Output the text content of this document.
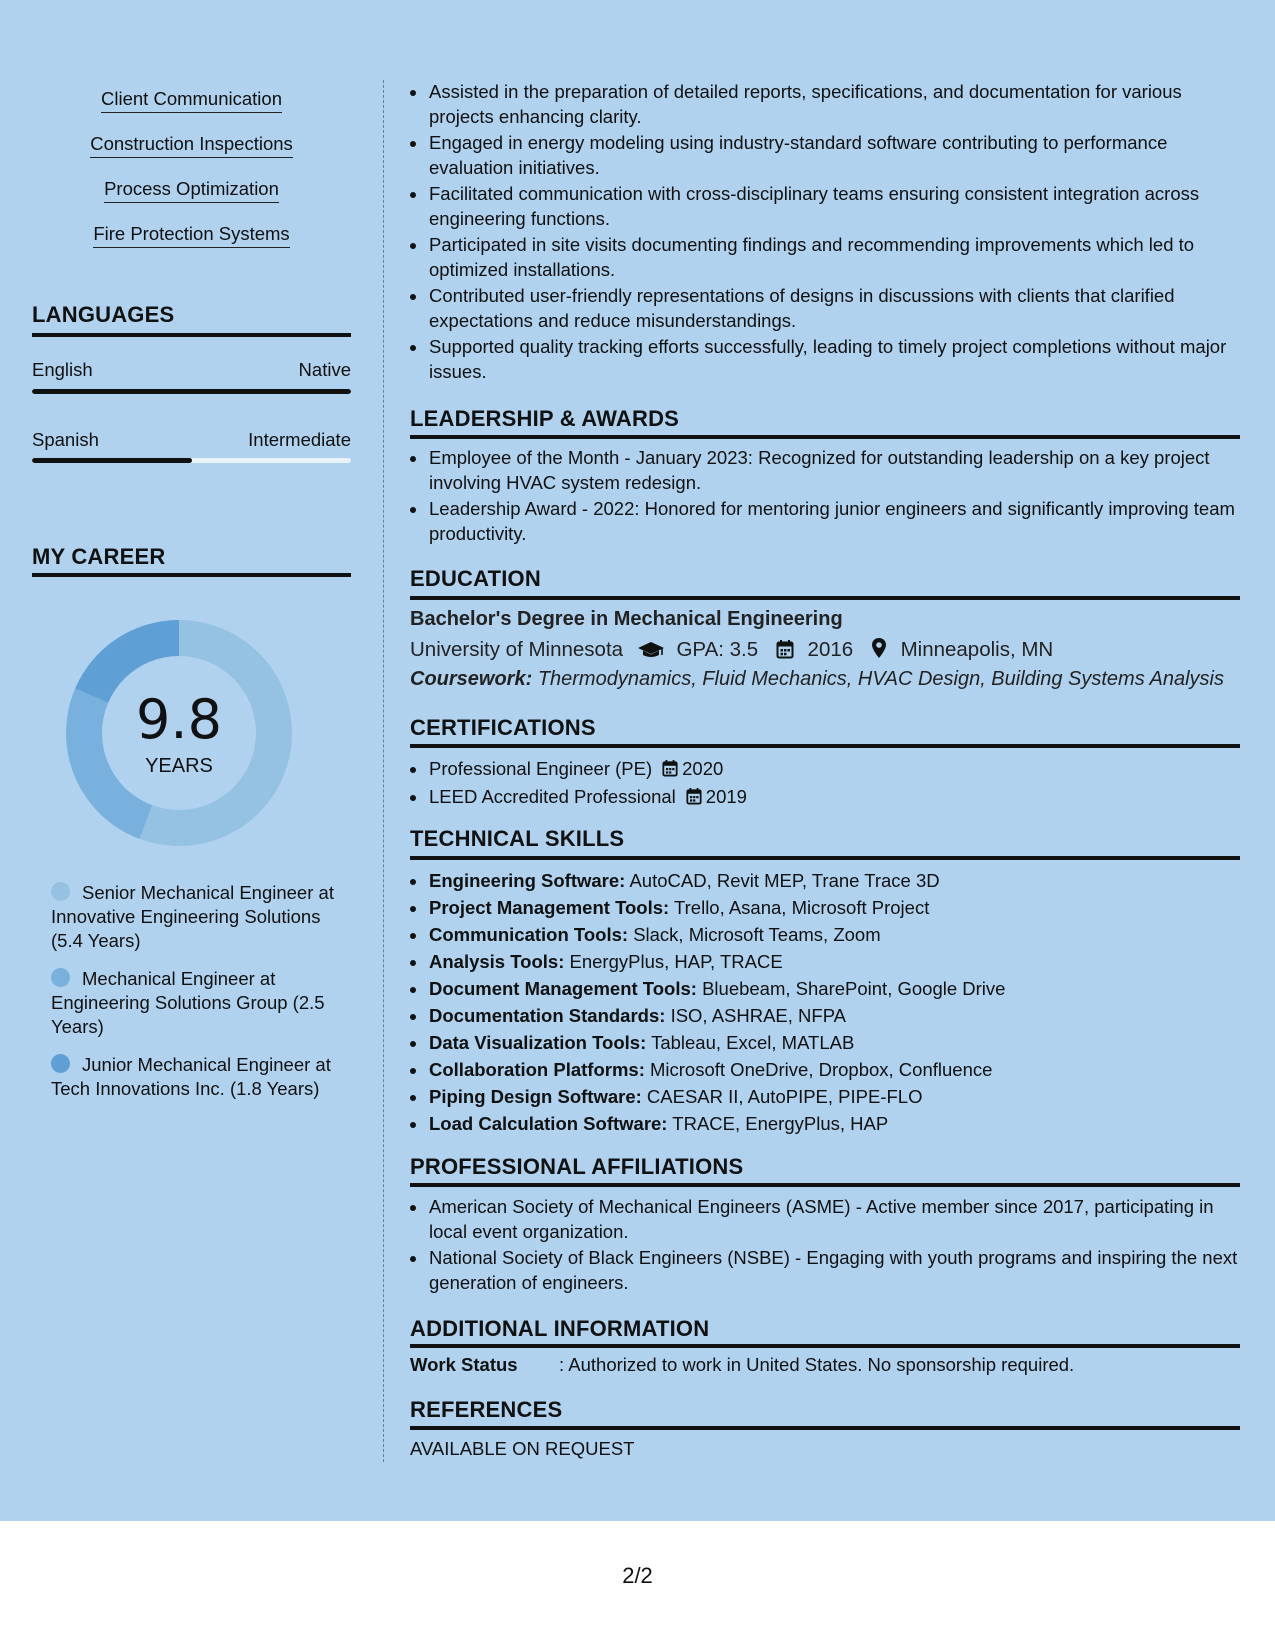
Client Communication
Construction Inspections
Process Optimization
Fire Protection Systems
LANGUAGES
English	Native
Spanish	Intermediate
MY CAREER
9.8
YEARS
Senior Mechanical Engineer at Innovative Engineering Solutions (5.4 Years)
Mechanical Engineer at Engineering Solutions Group (2.5 Years)
Junior Mechanical Engineer at Tech Innovations Inc. (1.8 Years)
• Assisted in the preparation of detailed reports, specifications, and documentation for various projects enhancing clarity.
• Engaged in energy modeling using industry-standard software contributing to performance evaluation initiatives.
• Facilitated communication with cross-disciplinary teams ensuring consistent integration across engineering functions.
• Participated in site visits documenting findings and recommending improvements which led to optimized installations.
• Contributed user-friendly representations of designs in discussions with clients that clarified expectations and reduce misunderstandings.
• Supported quality tracking efforts successfully, leading to timely project completions without major issues.
LEADERSHIP & AWARDS
• Employee of the Month - January 2023: Recognized for outstanding leadership on a key project involving HVAC system redesign.
• Leadership Award - 2022: Honored for mentoring junior engineers and significantly improving team productivity.
EDUCATION
Bachelor's Degree in Mechanical Engineering
University of Minnesota	GPA: 3.5 2016 Minneapolis, MN
Coursework: Thermodynamics, Fluid Mechanics, HVAC Design, Building Systems Analysis
CERTIFICATIONS
• Professional Engineer (PE) 2020
• LEED Accredited Professional 2019
TECHNICAL SKILLS
• Engineering Software: AutoCAD, Revit MEP, Trane Trace 3D
• Project Management Tools: Trello, Asana, Microsoft Project
• Communication Tools: Slack, Microsoft Teams, Zoom
• Analysis Tools: EnergyPlus, HAP, TRACE
• Document Management Tools: Bluebeam, SharePoint, Google Drive
• Documentation Standards: ISO, ASHRAE, NFPA
• Data Visualization Tools: Tableau, Excel, MATLAB
• Collaboration Platforms: Microsoft OneDrive, Dropbox, Confluence
• Piping Design Software: CAESAR II, AutoPIPE, PIPE-FLO
• Load Calculation Software: TRACE, EnergyPlus, HAP
PROFESSIONAL AFFILIATIONS
• American Society of Mechanical Engineers (ASME) - Active member since 2017, participating in local event organization.
• National Society of Black Engineers (NSBE) - Engaging with youth programs and inspiring the next generation of engineers.
ADDITIONAL INFORMATION
Work Status : Authorized to work in United States. No sponsorship required.
REFERENCES
AVAILABLE ON REQUEST
2/2
